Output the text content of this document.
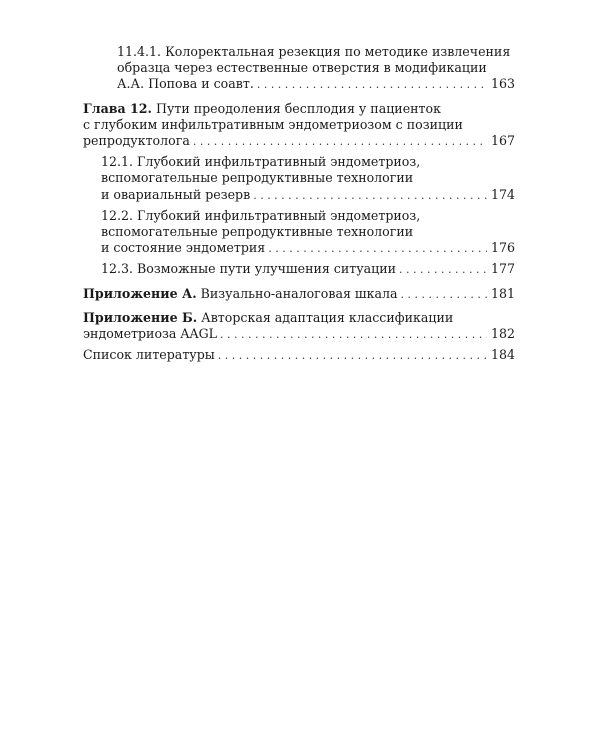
11.4.1. Колоректальная резекция по методике извлечения
образца через естественные отверстия в модификации
А.А. Попова и соавт. . . .	163
Глава 12. Пути преодоления бесплодия у пациенток
с глубоким инфильтративным эндометриозом с позиции
репродуктолога . . .	167
12.1. Глубокий инфильтративный эндометриоз,
вспомогательные репродуктивные технологии
и овариальный резерв . . .	174
12.2. Глубокий инфильтративный эндометриоз,
вспомогательные репродуктивные технологии
и состояние эндометрия . . .	176
12.3. Возможные пути улучшения ситуации . . .	177
Приложение А. Визуально-аналоговая шкала . . .	181
Приложение Б. Авторская адаптация классификации
эндометриоза AAGL . . .	182
Список литературы . . .	184
